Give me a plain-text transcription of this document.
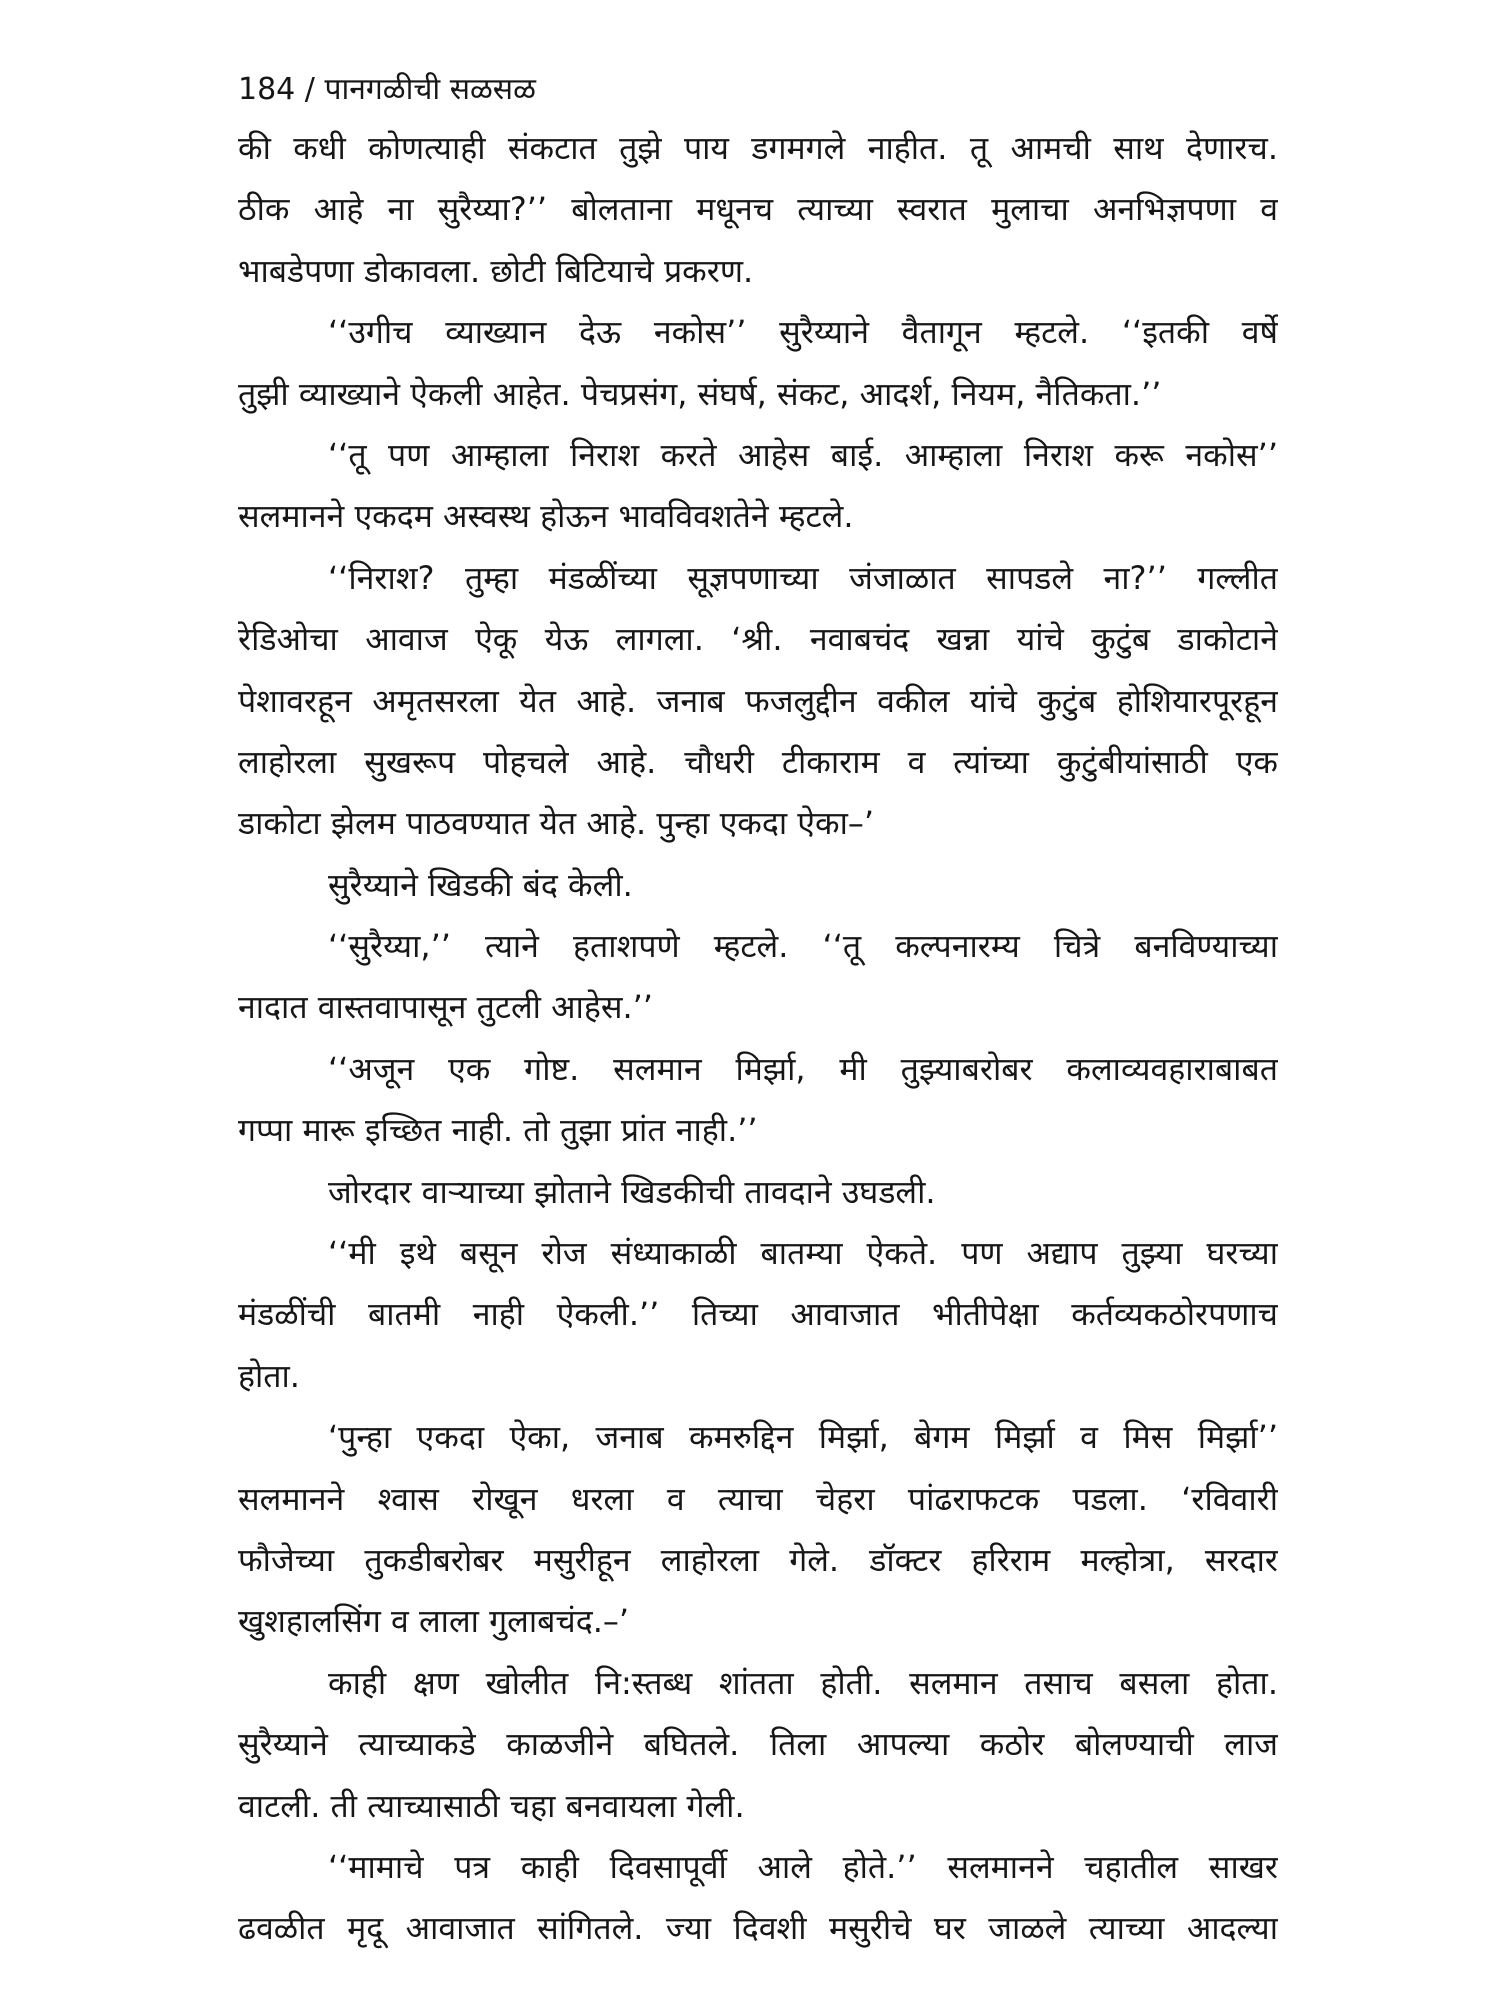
184 / पानगळीची सळसळ
की कधी कोणत्याही संकटात तुझे पाय डगमगले नाहीत. तू आमची साथ देणारच.
ठीक आहे ना सुरैय्या?’’ बोलताना मधूनच त्याच्या स्वरात मुलाचा अनभिज्ञपणा व
भाबडेपणा डोकावला. छोटी बिटियाचे प्रकरण.
‘‘उगीच व्याख्यान देऊ नकोस’’ सुरैय्याने वैतागून म्हटले. ‘‘इतकी वर्षे
तुझी व्याख्याने ऐकली आहेत. पेचप्रसंग, संघर्ष, संकट, आदर्श, नियम, नैतिकता.’’
‘‘तू पण आम्हाला निराश करते आहेस बाई. आम्हाला निराश करू नकोस’’
सलमानने एकदम अस्वस्थ होऊन भावविवशतेने म्हटले.
‘‘निराश? तुम्हा मंडळींच्या सूज्ञपणाच्या जंजाळात सापडले ना?’’ गल्लीत
रेडिओचा आवाज ऐकू येऊ लागला. ‘श्री. नवाबचंद खन्ना यांचे कुटुंब डाकोटाने
पेशावरहून अमृतसरला येत आहे. जनाब फजलुद्दीन वकील यांचे कुटुंब होशियारपूरहून
लाहोरला सुखरूप पोहचले आहे. चौधरी टीकाराम व त्यांच्या कुटुंबीयांसाठी एक
डाकोटा झेलम पाठवण्यात येत आहे. पुन्हा एकदा ऐका–’
सुरैय्याने खिडकी बंद केली.
‘‘सुरैय्या,’’ त्याने हताशपणे म्हटले. ‘‘तू कल्पनारम्य चित्रे बनविण्याच्या
नादात वास्तवापासून तुटली आहेस.’’
‘‘अजून एक गोष्ट. सलमान मिर्झा, मी तुझ्याबरोबर कलाव्यवहाराबाबत
गप्पा मारू इच्छित नाही. तो तुझा प्रांत नाही.’’
जोरदार वाऱ्याच्या झोताने खिडकीची तावदाने उघडली.
‘‘मी इथे बसून रोज संध्याकाळी बातम्या ऐकते. पण अद्याप तुझ्या घरच्या
मंडळींची बातमी नाही ऐकली.’’ तिच्या आवाजात भीतीपेक्षा कर्तव्यकठोरपणाच
होता.
‘पुन्हा एकदा ऐका, जनाब कमरुद्दिन मिर्झा, बेगम मिर्झा व मिस मिर्झा’’
सलमानने श्वास रोखून धरला व त्याचा चेहरा पांढराफटक पडला. ‘रविवारी
फौजेच्या तुकडीबरोबर मसुरीहून लाहोरला गेले. डॉक्टर हरिराम मल्होत्रा, सरदार
खुशहालसिंग व लाला गुलाबचंद.–’
काही क्षण खोलीत नि:स्तब्ध शांतता होती. सलमान तसाच बसला होता.
सुरैय्याने त्याच्याकडे काळजीने बघितले. तिला आपल्या कठोर बोलण्याची लाज
वाटली. ती त्याच्यासाठी चहा बनवायला गेली.
‘‘मामाचे पत्र काही दिवसापूर्वी आले होते.’’ सलमानने चहातील साखर
ढवळीत मृदू आवाजात सांगितले. ज्या दिवशी मसुरीचे घर जाळले त्याच्या आदल्या
